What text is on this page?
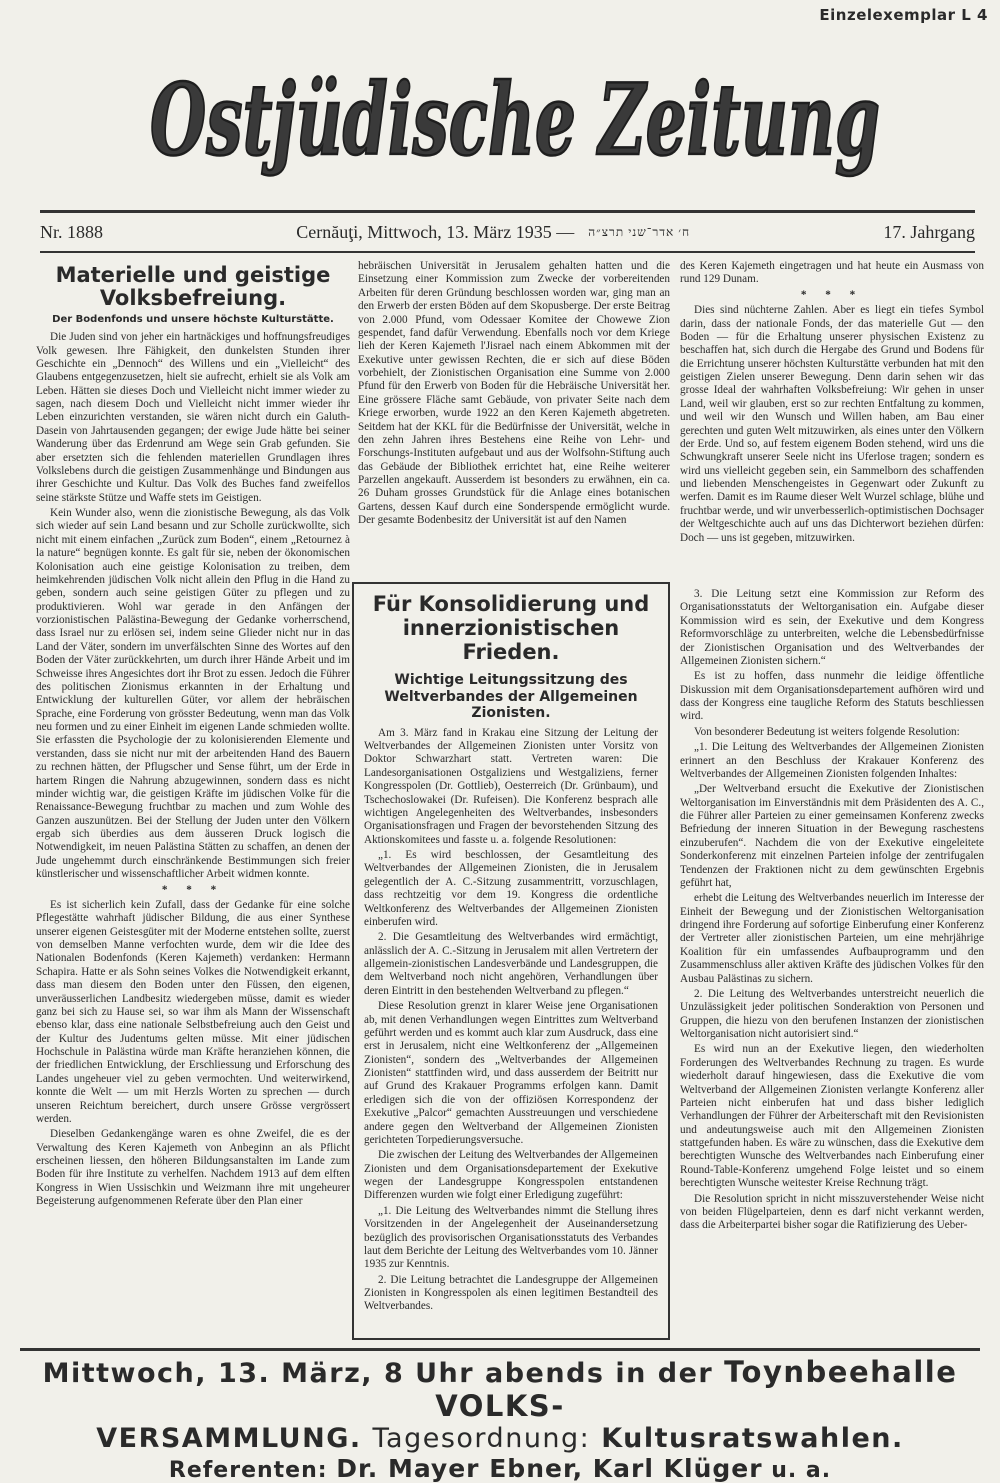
Einzelexemplar L 4
Ostjüdische Zeitung
Nr. 1888	Cernăuţi, Mittwoch, 13. März 1935 — ח׳ אדר־שני תרצ״ה	17. Jahrgang
Materielle und geistige Volksbefreiung.
Der Bodenfonds und unsere höchste Kulturstätte.

Die Juden sind von jeher ein hartnäckiges und hoffnungsfreudiges Volk gewesen. Ihre Fähigkeit, den dunkelsten Stunden ihrer Geschichte ein „Dennoch“ des Willens und ein „Vielleicht“ des Glaubens entgegenzusetzen, hielt sie aufrecht, erhielt sie als Volk am Leben. Hätten sie dieses Doch und Vielleicht nicht immer wieder zu sagen, nach diesem Doch und Vielleicht nicht immer wieder ihr Leben einzurichten verstanden, sie wären nicht durch ein Galuth-Dasein von Jahrtausenden gegangen; der ewige Jude hätte bei seiner Wanderung über das Erdenrund am Wege sein Grab gefunden. Sie aber ersetzten sich die fehlenden materiellen Grundlagen ihres Volkslebens durch die geistigen Zusammenhänge und Bindungen aus ihrer Geschichte und Kultur. Das Volk des Buches fand zweifellos seine stärkste Stütze und Waffe stets im Geistigen.

Kein Wunder also, wenn die zionistische Bewegung, als das Volk sich wieder auf sein Land besann und zur Scholle zurückwollte, sich nicht mit einem einfachen „Zurück zum Boden“, einem „Retournez à la nature“ begnügen konnte. Es galt für sie, neben der ökonomischen Kolonisation auch eine geistige Kolonisation zu treiben, dem heimkehrenden jüdischen Volk nicht allein den Pflug in die Hand zu geben, sondern auch seine geistigen Güter zu pflegen und zu produktivieren. Wohl war gerade in den Anfängen der vorzionistischen Palästina-Bewegung der Gedanke vorherrschend, dass Israel nur zu erlösen sei, indem seine Glieder nicht nur in das Land der Väter, sondern im unverfälschten Sinne des Wortes auf den Boden der Väter zurückkehrten, um durch ihrer Hände Arbeit und im Schweisse ihres Angesichtes dort ihr Brot zu essen. Jedoch die Führer des politischen Zionismus erkannten in der Erhaltung und Entwicklung der kulturellen Güter, vor allem der hebräischen Sprache, eine Forderung von grösster Bedeutung, wenn man das Volk neu formen und zu einer Einheit im eigenen Lande schmieden wollte. Sie erfassten die Psychologie der zu kolonisierenden Elemente und verstanden, dass sie nicht nur mit der arbeitenden Hand des Bauern zu rechnen hätten, der Pflugscher und Sense führt, um der Erde in hartem Ringen die Nahrung abzugewinnen, sondern dass es nicht minder wichtig war, die geistigen Kräfte im jüdischen Volke für die Renaissance-Bewegung fruchtbar zu machen und zum Wohle des Ganzen auszunützen. Bei der Stellung der Juden unter den Völkern ergab sich überdies aus dem äusseren Druck logisch die Notwendigkeit, im neuen Palästina Stätten zu schaffen, an denen der Jude ungehemmt durch einschränkende Bestimmungen sich freier künstlerischer und wissenschaftlicher Arbeit widmen konnte.

* * *

Es ist sicherlich kein Zufall, dass der Gedanke für eine solche Pflegestätte wahrhaft jüdischer Bildung, die aus einer Synthese unserer eigenen Geistesgüter mit der Moderne entstehen sollte, zuerst von demselben Manne verfochten wurde, dem wir die Idee des Nationalen Bodenfonds (Keren Kajemeth) verdanken: Hermann Schapira. Hatte er als Sohn seines Volkes die Notwendigkeit erkannt, dass man diesem den Boden unter den Füssen, den eigenen, unveräusserlichen Landbesitz wiedergeben müsse, damit es wieder ganz bei sich zu Hause sei, so war ihm als Mann der Wissenschaft ebenso klar, dass eine nationale Selbstbefreiung auch den Geist und der Kultur des Judentums gelten müsse. Mit einer jüdischen Hochschule in Palästina würde man Kräfte heranziehen können, die der friedlichen Entwicklung, der Erschliessung und Erforschung des Landes ungeheuer viel zu geben vermochten. Und weiterwirkend, konnte die Welt — um mit Herzls Worten zu sprechen — durch unseren Reichtum bereichert, durch unsere Grösse vergrössert werden.

Dieselben Gedankengänge waren es ohne Zweifel, die es der Verwaltung des Keren Kajemeth von Anbeginn an als Pflicht erscheinen liessen, den höheren Bildungsanstalten im Lande zum Boden für ihre Institute zu verhelfen. Nachdem 1913 auf dem elften Kongress in Wien Ussischkin und Weizmann ihre mit ungeheurer Begeisterung aufgenommenen Referate über den Plan einer

hebräischen Universität in Jerusalem gehalten hatten und die Einsetzung einer Kommission zum Zwecke der vorbereitenden Arbeiten für deren Gründung beschlossen worden war, ging man an den Erwerb der ersten Böden auf dem Skopusberge. Der erste Beitrag von 2.000 Pfund, vom Odessaer Komitee der Chowewe Zion gespendet, fand dafür Verwendung. Ebenfalls noch vor dem Kriege lieh der Keren Kajemeth l'Jisrael nach einem Abkommen mit der Exekutive unter gewissen Rechten, die er sich auf diese Böden vorbehielt, der Zionistischen Organisation eine Summe von 2.000 Pfund für den Erwerb von Boden für die Hebräische Universität her. Eine grössere Fläche samt Gebäude, von privater Seite nach dem Kriege erworben, wurde 1922 an den Keren Kajemeth abgetreten. Seitdem hat der KKL für die Bedürfnisse der Universität, welche in den zehn Jahren ihres Bestehens eine Reihe von Lehr- und Forschungs-Instituten aufgebaut und aus der Wolfsohn-Stiftung auch das Gebäude der Bibliothek errichtet hat, eine Reihe weiterer Parzellen angekauft. Ausserdem ist besonders zu erwähnen, ein ca. 26 Duham grosses Grundstück für die Anlage eines botanischen Gartens, dessen Kauf durch eine Sonderspende ermöglicht wurde. Der gesamte Bodenbesitz der Universität ist auf den Namen

des Keren Kajemeth eingetragen und hat heute ein Ausmass von rund 129 Dunam.

* * *

Dies sind nüchterne Zahlen. Aber es liegt ein tiefes Symbol darin, dass der nationale Fonds, der das materielle Gut — den Boden — für die Erhaltung unserer physischen Existenz zu beschaffen hat, sich durch die Hergabe des Grund und Bodens für die Errichtung unserer höchsten Kulturstätte verbunden hat mit den geistigen Zielen unserer Bewegung. Denn darin sehen wir das grosse Ideal der wahrhaften Volksbefreiung: Wir gehen in unser Land, weil wir glauben, erst so zur rechten Entfaltung zu kommen, und weil wir den Wunsch und Willen haben, am Bau einer gerechten und guten Welt mitzuwirken, als eines unter den Völkern der Erde. Und so, auf festem eigenem Boden stehend, wird uns die Schwungkraft unserer Seele nicht ins Uferlose tragen; sondern es wird uns vielleicht gegeben sein, ein Sammelborn des schaffenden und liebenden Menschengeistes in Gegenwart oder Zukunft zu werfen. Damit es im Raume dieser Welt Wurzel schlage, blühe und fruchtbar werde, und wir unverbesserlich-optimistischen Dochsager der Weltgeschichte auch auf uns das Dichterwort beziehen dürfen: Doch — uns ist gegeben, mitzuwirken.

Für Konsolidierung und innerzionistischen Frieden.
Wichtige Leitungssitzung des Weltverbandes der Allgemeinen Zionisten.

Am 3. März fand in Krakau eine Sitzung der Leitung der Weltverbandes der Allgemeinen Zionisten unter Vorsitz von Doktor Schwarzhart statt. Vertreten waren: Die Landesorganisationen Ostgaliziens und Westgaliziens, ferner Kongresspolen (Dr. Gottlieb), Oesterreich (Dr. Grünbaum), und Tschechoslowakei (Dr. Rufeisen). Die Konferenz besprach alle wichtigen Angelegenheiten des Weltverbandes, insbesonders Organisationsfragen und Fragen der bevorstehenden Sitzung des Aktionskomitees und fasste u. a. folgende Resolutionen:

„1. Es wird beschlossen, der Gesamtleitung des Weltverbandes der Allgemeinen Zionisten, die in Jerusalem gelegentlich der A. C.-Sitzung zusammentritt, vorzuschlagen, dass rechtzeitig vor dem 19. Kongress die ordentliche Weltkonferenz des Weltverbandes der Allgemeinen Zionisten einberufen wird.

2. Die Gesamtleitung des Weltverbandes wird ermächtigt, anlässlich der A. C.-Sitzung in Jerusalem mit allen Vertretern der allgemein-zionistischen Landesverbände und Landesgruppen, die dem Weltverband noch nicht angehören, Verhandlungen über deren Eintritt in den bestehenden Weltverband zu pflegen.“

Diese Resolution grenzt in klarer Weise jene Organisationen ab, mit denen Verhandlungen wegen Eintrittes zum Weltverband geführt werden und es kommt auch klar zum Ausdruck, dass eine erst in Jerusalem, nicht eine Weltkonferenz der „Allgemeinen Zionisten“, sondern des „Weltverbandes der Allgemeinen Zionisten“ stattfinden wird, und dass ausserdem der Beitritt nur auf Grund des Krakauer Programms erfolgen kann. Damit erledigen sich die von der offiziösen Korrespondenz der Exekutive „Palcor“ gemachten Ausstreuungen und verschiedene andere gegen den Weltverband der Allgemeinen Zionisten gerichteten Torpedierungsversuche.

Die zwischen der Leitung des Weltverbandes der Allgemeinen Zionisten und dem Organisationsdepartement der Exekutive wegen der Landesgruppe Kongresspolen entstandenen Differenzen wurden wie folgt einer Erledigung zugeführt:

„1. Die Leitung des Weltverbandes nimmt die Stellung ihres Vorsitzenden in der Angelegenheit der Auseinandersetzung bezüglich des provisorischen Organisationsstatuts des Verbandes laut dem Berichte der Leitung des Weltverbandes vom 10. Jänner 1935 zur Kenntnis.

2. Die Leitung betrachtet die Landesgruppe der Allgemeinen Zionisten in Kongresspolen als einen legitimen Bestandteil des Weltverbandes.

3. Die Leitung setzt eine Kommission zur Reform des Organisationsstatuts der Weltorganisation ein. Aufgabe dieser Kommission wird es sein, der Exekutive und dem Kongress Reformvorschläge zu unterbreiten, welche die Lebensbedürfnisse der Zionistischen Organisation und des Weltverbandes der Allgemeinen Zionisten sichern.“

Es ist zu hoffen, dass nunmehr die leidige öffentliche Diskussion mit dem Organisationsdepartement aufhören wird und dass der Kongress eine taugliche Reform des Statuts beschliessen wird.

Von besonderer Bedeutung ist weiters folgende Resolution:

„1. Die Leitung des Weltverbandes der Allgemeinen Zionisten erinnert an den Beschluss der Krakauer Konferenz des Weltverbandes der Allgemeinen Zionisten folgenden Inhaltes:

„Der Weltverband ersucht die Exekutive der Zionistischen Weltorganisation im Einverständnis mit dem Präsidenten des A. C., die Führer aller Parteien zu einer gemeinsamen Konferenz zwecks Befriedung der inneren Situation in der Bewegung raschestens einzuberufen“. Nachdem die von der Exekutive eingeleitete Sonderkonferenz mit einzelnen Parteien infolge der zentrifugalen Tendenzen der Fraktionen nicht zu dem gewünschten Ergebnis geführt hat,

erhebt die Leitung des Weltverbandes neuerlich im Interesse der Einheit der Bewegung und der Zionistischen Weltorganisation dringend ihre Forderung auf sofortige Einberufung einer Konferenz der Vertreter aller zionistischen Parteien, um eine mehrjährige Koalition für ein umfassendes Aufbauprogramm und den Zusammenschluss aller aktiven Kräfte des jüdischen Volkes für den Ausbau Palästinas zu sichern.

2. Die Leitung des Weltverbandes unterstreicht neuerlich die Unzulässigkeit jeder politischen Sonderaktion von Personen und Gruppen, die hiezu von den berufenen Instanzen der zionistischen Weltorganisation nicht autorisiert sind.“

Es wird nun an der Exekutive liegen, den wiederholten Forderungen des Weltverbandes Rechnung zu tragen. Es wurde wiederholt darauf hingewiesen, dass die Exekutive die vom Weltverband der Allgemeinen Zionisten verlangte Konferenz aller Parteien nicht einberufen hat und dass bisher lediglich Verhandlungen der Führer der Arbeiterschaft mit den Revisionisten und andeutungsweise auch mit den Allgemeinen Zionisten stattgefunden haben. Es wäre zu wünschen, dass die Exekutive dem berechtigten Wunsche des Weltverbandes nach Einberufung einer Round-Table-Konferenz umgehend Folge leistet und so einem berechtigten Wunsche weitester Kreise Rechnung trägt.

Die Resolution spricht in nicht misszuverstehender Weise nicht von beiden Flügelparteien, denn es darf nicht verkannt werden, dass die Arbeiterpartei bisher sogar die Ratifizierung des Ueber-

Mittwoch, 13. März, 8 Uhr abends in der Toynbeehalle VOLKS-
VERSAMMLUNG. Tagesordnung: Kultusratswahlen.
Referenten: Dr. Mayer Ebner, Karl Klüger u. a.
